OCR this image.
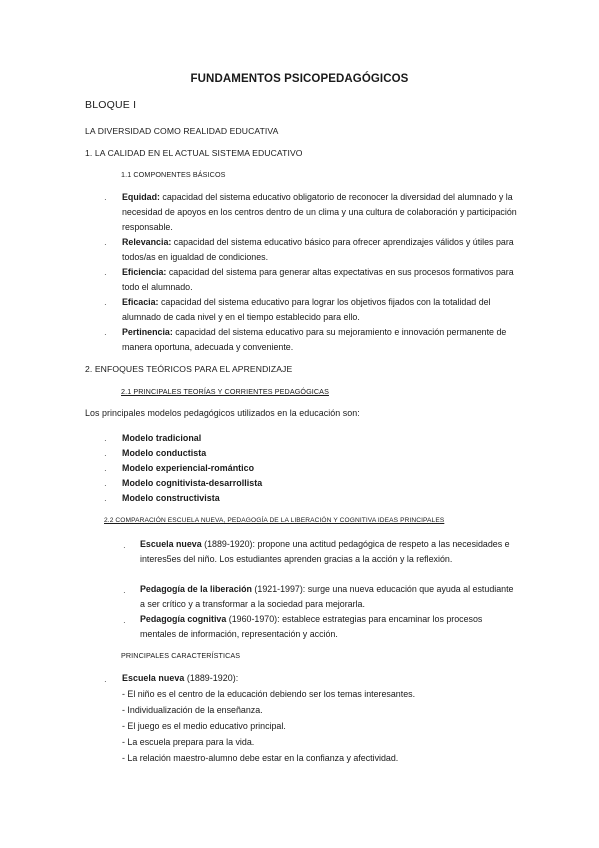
FUNDAMENTOS PSICOPEDAGÓGICOS
BLOQUE I
LA DIVERSIDAD COMO REALIDAD EDUCATIVA
1. LA CALIDAD EN EL ACTUAL SISTEMA EDUCATIVO
1.1 COMPONENTES BÁSICOS
· Equidad: capacidad del sistema educativo obligatorio de reconocer la diversidad del alumnado y la necesidad de apoyos en los centros dentro de un clima y una cultura de colaboración y participación responsable.
· Relevancia: capacidad del sistema educativo básico para ofrecer aprendizajes válidos y útiles para todos/as en igualdad de condiciones.
· Eficiencia: capacidad del sistema para generar altas expectativas en sus procesos formativos para todo el alumnado.
· Eficacia: capacidad del sistema educativo para lograr los objetivos fijados con la totalidad del alumnado de cada nivel y en el tiempo establecido para ello.
· Pertinencia: capacidad del sistema educativo para su mejoramiento e innovación permanente de manera oportuna, adecuada y conveniente.
2. ENFOQUES TEÓRICOS PARA EL APRENDIZAJE
2.1 PRINCIPALES TEORÍAS Y CORRIENTES PEDAGÓGICAS
Los principales modelos pedagógicos utilizados en la educación son:
· Modelo tradicional
· Modelo conductista
· Modelo experiencial-romántico
· Modelo cognitivista-desarrollista
· Modelo constructivista
2.2 COMPARACIÓN ESCUELA NUEVA, PEDAGOGÍA DE LA LIBERACIÓN Y COGNITIVA IDEAS PRINCIPALES
· Escuela nueva (1889-1920): propone una actitud pedagógica de respeto a las necesidades e interes5es del niño. Los estudiantes aprenden gracias a la acción y la reflexión.
· Pedagogía de la liberación (1921-1997): surge una nueva educación que ayuda al estudiante a ser crítico y a transformar a la sociedad para mejorarla.
· Pedagogía cognitiva (1960-1970): establece estrategias para encaminar los procesos mentales de información, representación y acción.
PRINCIPALES CARACTERÍSTICAS
· Escuela nueva (1889-1920):
- El niño es el centro de la educación debiendo ser los temas interesantes.
- Individualización de la enseñanza.
- El juego es el medio educativo principal.
- La escuela prepara para la vida.
- La relación maestro-alumno debe estar en la confianza y afectividad.
